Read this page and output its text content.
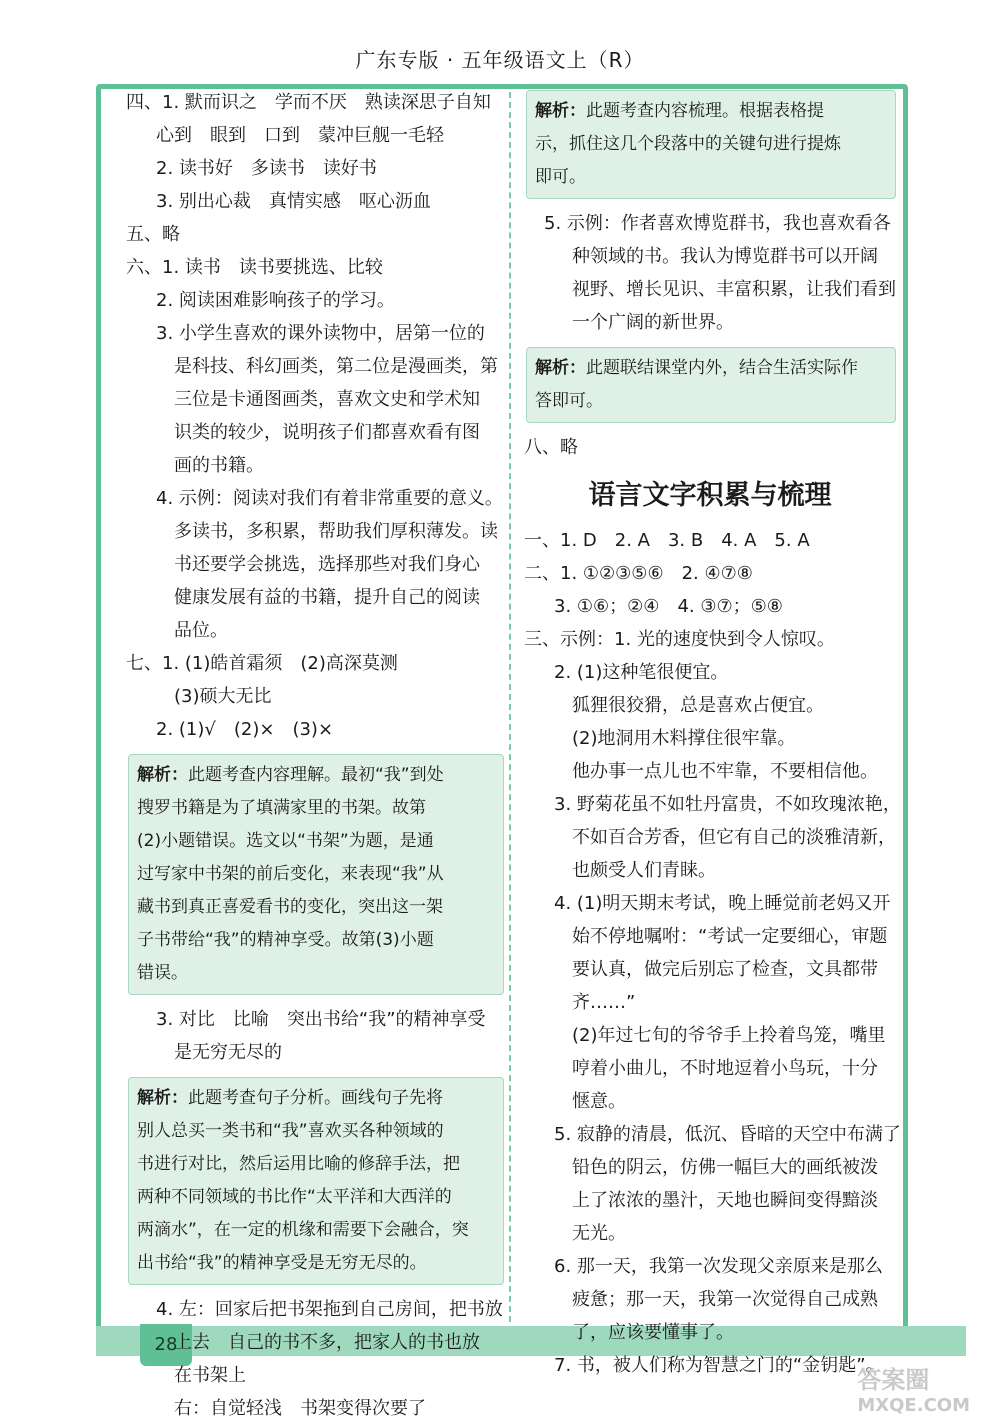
广东专版 · 五年级语文上（R）
28
四、1. 默而识之　学而不厌　熟读深思子自知
心到　眼到　口到　蒙冲巨舰一毛轻
2. 读书好　多读书　读好书
3. 别出心裁　真情实感　呕心沥血
五、略
六、1. 读书　读书要挑选、比较
2. 阅读困难影响孩子的学习。
3. 小学生喜欢的课外读物中，居第一位的
是科技、科幻画类，第二位是漫画类，第
三位是卡通图画类，喜欢文史和学术知
识类的较少，说明孩子们都喜欢看有图
画的书籍。
4. 示例：阅读对我们有着非常重要的意义。
多读书，多积累，帮助我们厚积薄发。读
书还要学会挑选，选择那些对我们身心
健康发展有益的书籍，提升自己的阅读
品位。
七、1. (1)皓首霜须　(2)高深莫测
(3)硕大无比
2. (1)√　(2)×　(3)×
解析：此题考查内容理解。最初“我”到处
搜罗书籍是为了填满家里的书架。故第
(2)小题错误。选文以“书架”为题，是通
过写家中书架的前后变化，来表现“我”从
藏书到真正喜爱看书的变化，突出这一架
子书带给“我”的精神享受。故第(3)小题
错误。
3. 对比　比喻　突出书给“我”的精神享受
是无穷无尽的
解析：此题考查句子分析。画线句子先将
别人总买一类书和“我”喜欢买各种领域的
书进行对比，然后运用比喻的修辞手法，把
两种不同领域的书比作“太平洋和大西洋的
两滴水”，在一定的机缘和需要下会融合，突
出书给“我”的精神享受是无穷无尽的。
4. 左：回家后把书架拖到自己房间，把书放
上去　自己的书不多，把家人的书也放
在书架上
右：自觉轻浅　书架变得次要了
解析：此题考查内容梳理。根据表格提
示，抓住这几个段落中的关键句进行提炼
即可。
5. 示例：作者喜欢博览群书，我也喜欢看各
种领域的书。我认为博览群书可以开阔
视野、增长见识、丰富积累，让我们看到
一个广阔的新世界。
解析：此题联结课堂内外，结合生活实际作
答即可。
八、略
语言文字积累与梳理
一、1. D　2. A　3. B　4. A　5. A
二、1. ①②③⑤⑥　2. ④⑦⑧
3. ①⑥；②④　4. ③⑦；⑤⑧
三、示例：1. 光的速度快到令人惊叹。
2. (1)这种笔很便宜。
狐狸很狡猾，总是喜欢占便宜。
(2)地洞用木料撑住很牢靠。
他办事一点儿也不牢靠，不要相信他。
3. 野菊花虽不如牡丹富贵，不如玫瑰浓艳，
不如百合芳香，但它有自己的淡雅清新，
也颇受人们青睐。
4. (1)明天期末考试，晚上睡觉前老妈又开
始不停地嘱咐：“考试一定要细心，审题
要认真，做完后别忘了检查，文具都带
齐……”
(2)年过七旬的爷爷手上拎着鸟笼，嘴里
哼着小曲儿，不时地逗着小鸟玩，十分
惬意。
5. 寂静的清晨，低沉、昏暗的天空中布满了
铅色的阴云，仿佛一幅巨大的画纸被泼
上了浓浓的墨汁，天地也瞬间变得黯淡
无光。
6. 那一天，我第一次发现父亲原来是那么
疲惫；那一天，我第一次觉得自己成熟
了，应该要懂事了。
7. 书，被人们称为智慧之门的“金钥匙”。
答案圈
MXQE.COM
